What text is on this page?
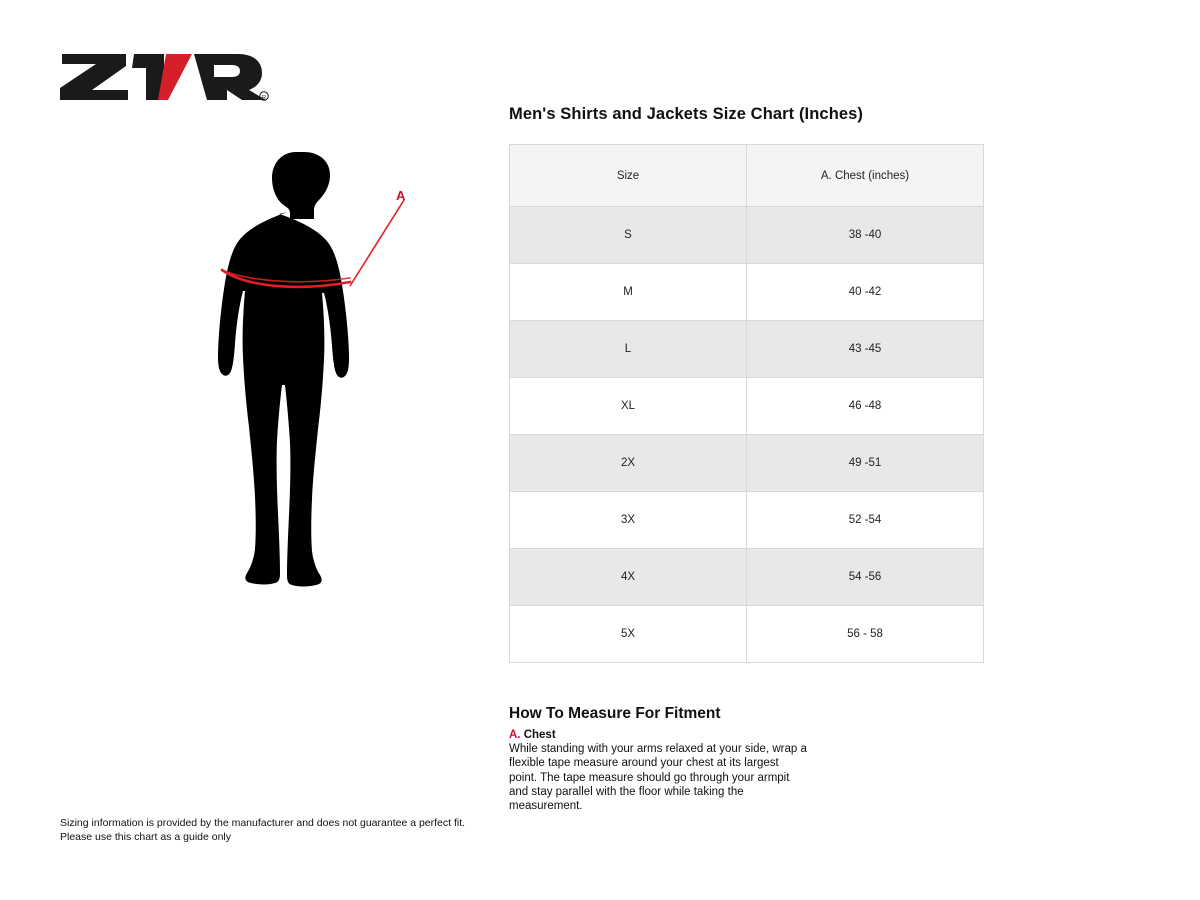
R
A
Men's Shirts and Jackets Size Chart (Inches)
Size	A. Chest (inches)
S	38 -40
M	40 -42
L	43 -45
XL	46 -48
2X	49 -51
3X	52 -54
4X	54 -56
5X	56 - 58
How To Measure For Fitment
A. Chest
While standing with your arms relaxed at your side, wrap a flexible tape measure around your chest at its largest point. The tape measure should go through your armpit and stay parallel with the floor while taking the measurement.
Sizing information is provided by the manufacturer and does not guarantee a perfect fit.
Please use this chart as a guide only
